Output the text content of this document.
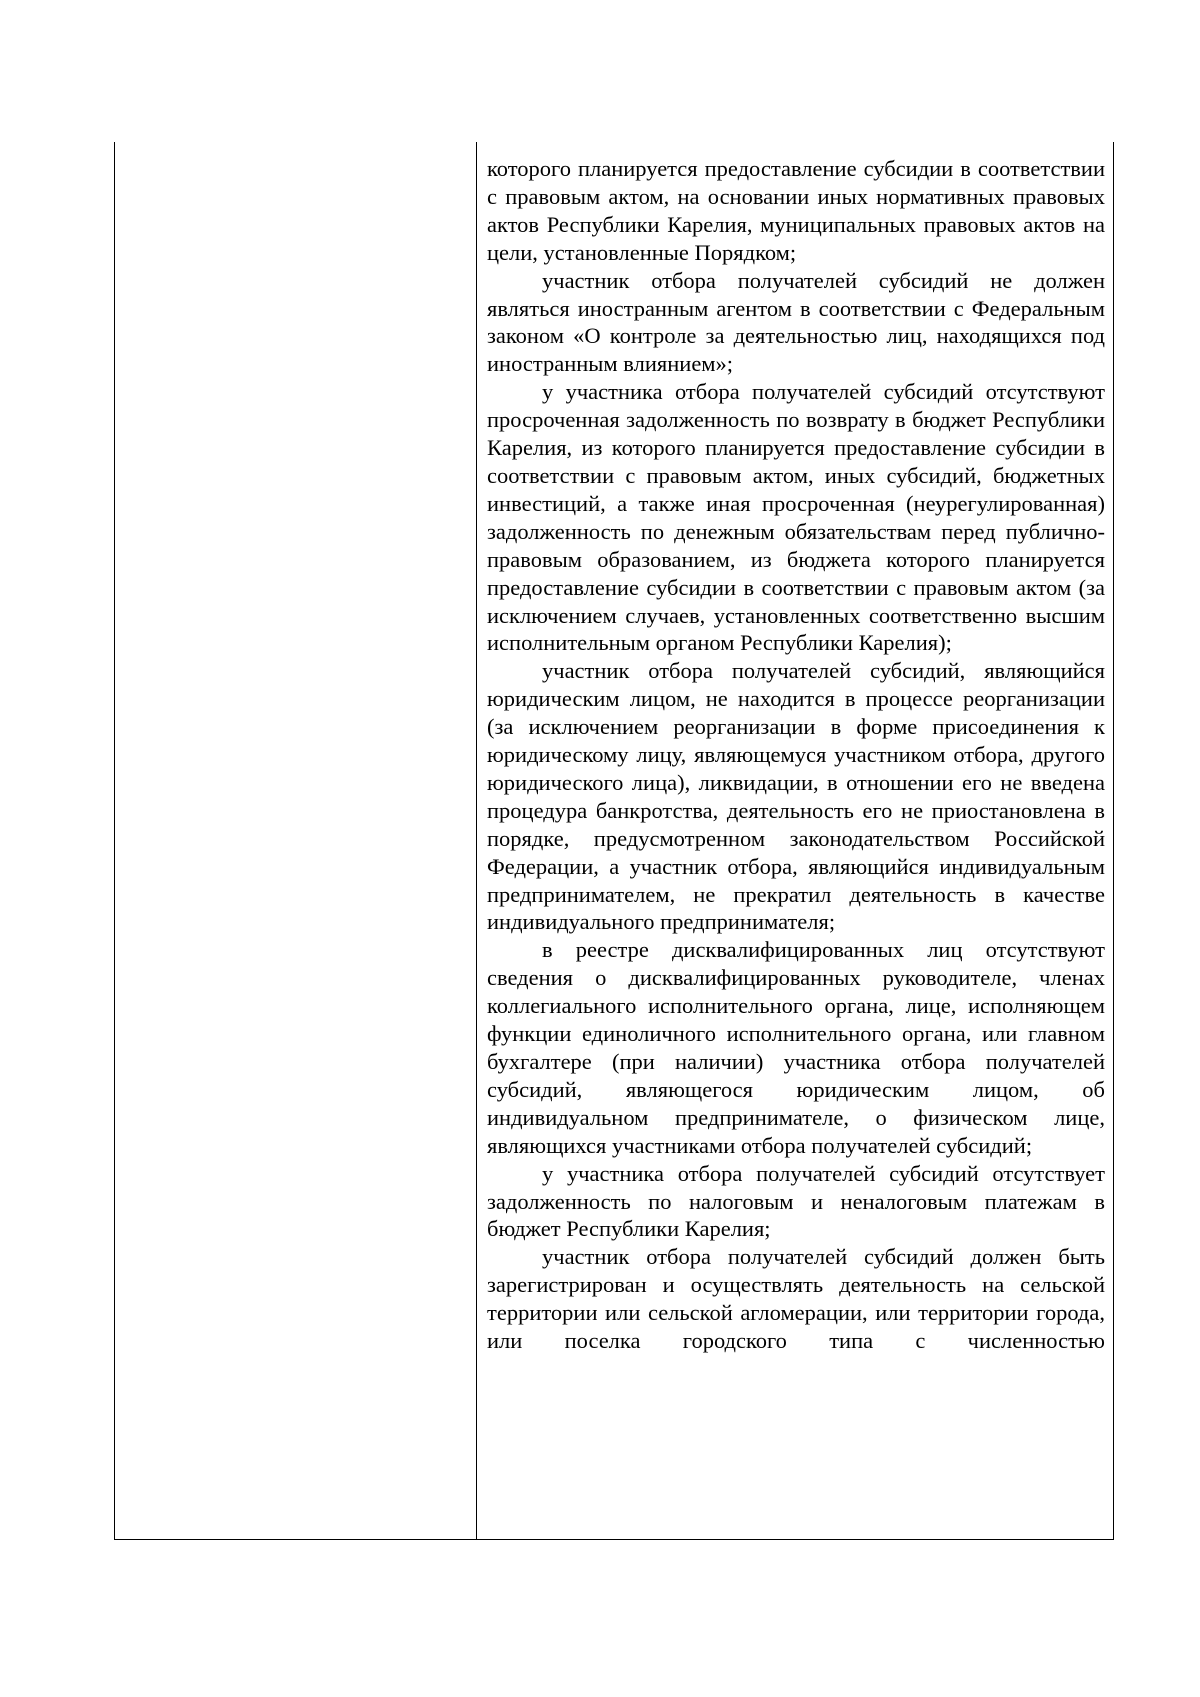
которого планируется предоставление субсидии в соответствии с правовым актом, на основании иных нормативных правовых актов Республики Карелия, муниципальных правовых актов на цели, установленные Порядком;

участник отбора получателей субсидий не должен являться иностранным агентом в соответствии с Федеральным законом «О контроле за деятельностью лиц, находящихся под иностранным влиянием»;

у участника отбора получателей субсидий отсутствуют просроченная задолженность по возврату в бюджет Республики Карелия, из которого планируется предоставление субсидии в соответствии с правовым актом, иных субсидий, бюджетных инвестиций, а также иная просроченная (неурегулированная) задолженность по денежным обязательствам перед публично-правовым образованием, из бюджета которого планируется предоставление субсидии в соответствии с правовым актом (за исключением случаев, установленных соответственно высшим исполнительным органом Республики Карелия);

участник отбора получателей субсидий, являющийся юридическим лицом, не находится в процессе реорганизации (за исключением реорганизации в форме присоединения к юридическому лицу, являющемуся участником отбора, другого юридического лица), ликвидации, в отношении его не введена процедура банкротства, деятельность его не приостановлена в порядке, предусмотренном законодательством Российской Федерации, а участник отбора, являющийся индивидуальным предпринимателем, не прекратил деятельность в качестве индивидуального предпринимателя;

в реестре дисквалифицированных лиц отсутствуют сведения о дисквалифицированных руководителе, членах коллегиального исполнительного органа, лице, исполняющем функции единоличного исполнительного органа, или главном бухгалтере (при наличии) участника отбора получателей субсидий, являющегося юридическим лицом, об индивидуальном предпринимателе, о физическом лице, являющихся участниками отбора получателей субсидий;

у участника отбора получателей субсидий отсутствует задолженность по налоговым и неналоговым платежам в бюджет Республики Карелия;

участник отбора получателей субсидий должен быть зарегистрирован и осуществлять деятельность на сельской территории или сельской агломерации, или территории города, или поселка городского типа с численностью
